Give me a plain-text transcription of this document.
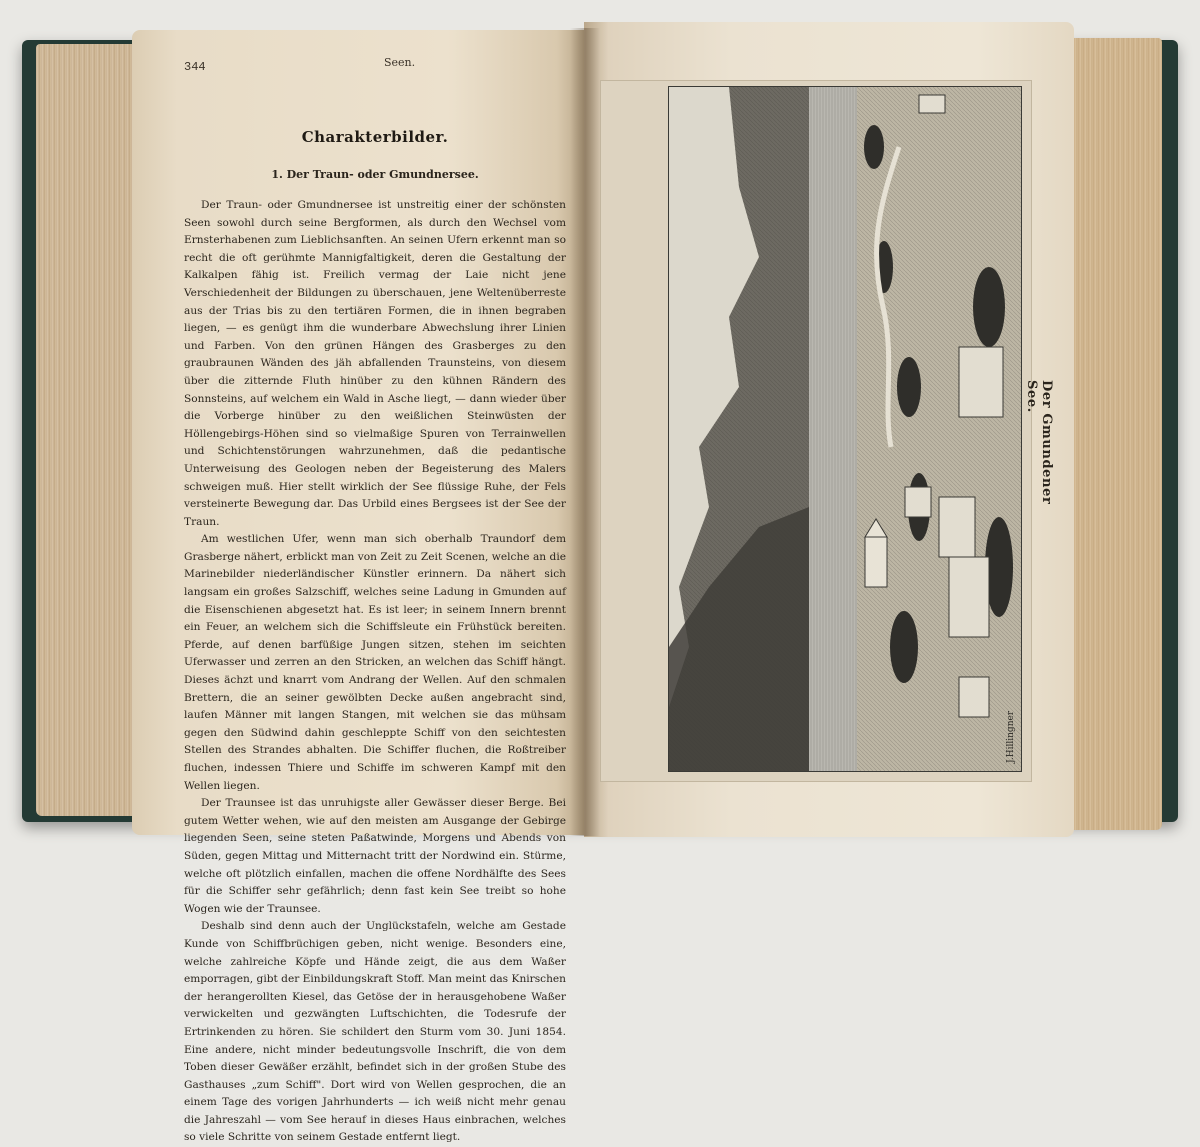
344	Seen.
Charakterbilder.
1. Der Traun- oder Gmundnersee.

Der Traun- oder Gmundnersee ist unstreitig einer der schönsten Seen sowohl durch seine Bergformen, als durch den Wechsel vom Ernsterhabenen zum Lieblichsanften. An seinen Ufern erkennt man so recht die oft gerühmte Mannigfaltigkeit, deren die Gestaltung der Kalkalpen fähig ist. Freilich vermag der Laie nicht jene Verschiedenheit der Bildungen zu überschauen, jene Weltenüberreste aus der Trias bis zu den tertiären Formen, die in ihnen begraben liegen, — es genügt ihm die wunderbare Abwechslung ihrer Linien und Farben. Von den grünen Hängen des Grasberges zu den graubraunen Wänden des jäh abfallenden Traunsteins, von diesem über die zitternde Fluth hinüber zu den kühnen Rändern des Sonnsteins, auf welchem ein Wald in Asche liegt, — dann wieder über die Vorberge hinüber zu den weißlichen Steinwüsten der Höllengebirgs-Höhen sind so vielmaßige Spuren von Terrainwellen und Schichtenstörungen wahrzunehmen, daß die pedantische Unterweisung des Geologen neben der Begeisterung des Malers schweigen muß. Hier stellt wirklich der See flüssige Ruhe, der Fels versteinerte Bewegung dar. Das Urbild eines Bergsees ist der See der Traun.

Am westlichen Ufer, wenn man sich oberhalb Traundorf dem Grasberge nähert, erblickt man von Zeit zu Zeit Scenen, welche an die Marinebilder niederländischer Künstler erinnern. Da nähert sich langsam ein großes Salzschiff, welches seine Ladung in Gmunden auf die Eisenschienen abgesetzt hat. Es ist leer; in seinem Innern brennt ein Feuer, an welchem sich die Schiffsleute ein Frühstück bereiten. Pferde, auf denen barfüßige Jungen sitzen, stehen im seichten Uferwasser und zerren an den Stricken, an welchen das Schiff hängt. Dieses ächzt und knarrt vom Andrang der Wellen. Auf den schmalen Brettern, die an seiner gewölbten Decke außen angebracht sind, laufen Männer mit langen Stangen, mit welchen sie das mühsam gegen den Südwind dahin geschleppte Schiff von den seichtesten Stellen des Strandes abhalten. Die Schiffer fluchen, die Roßtreiber fluchen, indessen Thiere und Schiffe im schweren Kampf mit den Wellen liegen.

Der Traunsee ist das unruhigste aller Gewässer dieser Berge. Bei gutem Wetter wehen, wie auf den meisten am Ausgange der Gebirge liegenden Seen, seine steten Paßatwinde, Morgens und Abends von Süden, gegen Mittag und Mitternacht tritt der Nordwind ein. Stürme, welche oft plötzlich einfallen, machen die offene Nordhälfte des Sees für die Schiffer sehr gefährlich; denn fast kein See treibt so hohe Wogen wie der Traunsee.

Deshalb sind denn auch der Unglückstafeln, welche am Gestade Kunde von Schiffbrüchigen geben, nicht wenige. Besonders eine, welche zahlreiche Köpfe und Hände zeigt, die aus dem Waßer emporragen, gibt der Einbildungskraft Stoff. Man meint das Knirschen der herangerollten Kiesel, das Getöse der in herausgehobene Waßer verwickelten und gezwängten Luftschichten, die Todesrufe der Ertrinkenden zu hören. Sie schildert den Sturm vom 30. Juni 1854. Eine andere, nicht minder bedeutungsvolle Inschrift, die von dem Toben dieser Gewäßer erzählt, befindet sich in der großen Stube des Gasthauses „zum Schiff". Dort wird von Wellen gesprochen, die an einem Tage des vorigen Jahrhunderts — ich weiß nicht mehr genau die Jahreszahl — vom See herauf in dieses Haus einbrachen, welches so viele Schritte von seinem Gestade entfernt liegt.

J.Hillingner
Der Gmundener See.
